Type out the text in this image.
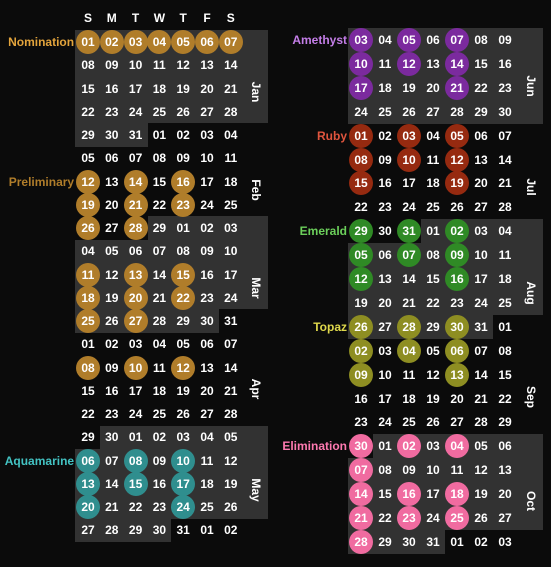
Jan
Feb
Mar
Apr
May
S	M	T	W	T	F	S
01 02 03 04 05 06 07
08 09 10 11 12 13 14
15 16 17 18 19 20 21
22 23 24 25 26 27 28
29 30 31 01 02 03 04
05 06 07 08 09 10 11
12 13 14 15 16 17 18
19 20 21 22 23 24 25
26 27 28 29 01 02 03
04 05 06 07 08 09 10
11 12 13 14 15 16 17
18 19 20 21 22 23 24
25 26 27 28 29 30 31
01 02 03 04 05 06 07
08 09 10 11 12 13 14
15 16 17 18 19 20 21
22 23 24 25 26 27 28
29 30 01 02 03 04 05
06 07 08 09 10 11 12
13 14 15 16 17 18 19
20 21 22 23 24 25 26
27 28 29 30 31 01 02
Nomination
Preliminary
Aquamarine
Jun
Jul
Aug
Sep
Oct
03 04 05 06 07 08 09
10 11 12 13 14 15 16
17 18 19 20 21 22 23
24 25 26 27 28 29 30
01 02 03 04 05 06 07
08 09 10 11 12 13 14
15 16 17 18 19 20 21
22 23 24 25 26 27 28
29 30 31 01 02 03 04
05 06 07 08 09 10 11
12 13 14 15 16 17 18
19 20 21 22 23 24 25
26 27 28 29 30 31 01
02 03 04 05 06 07 08
09 10 11 12 13 14 15
16 17 18 19 20 21 22
23 24 25 26 27 28 29
30 01 02 03 04 05 06
07 08 09 10 11 12 13
14 15 16 17 18 19 20
21 22 23 24 25 26 27
28 29 30 31 01 02 03
Amethyst
Ruby
Emerald
Topaz
Elimination
